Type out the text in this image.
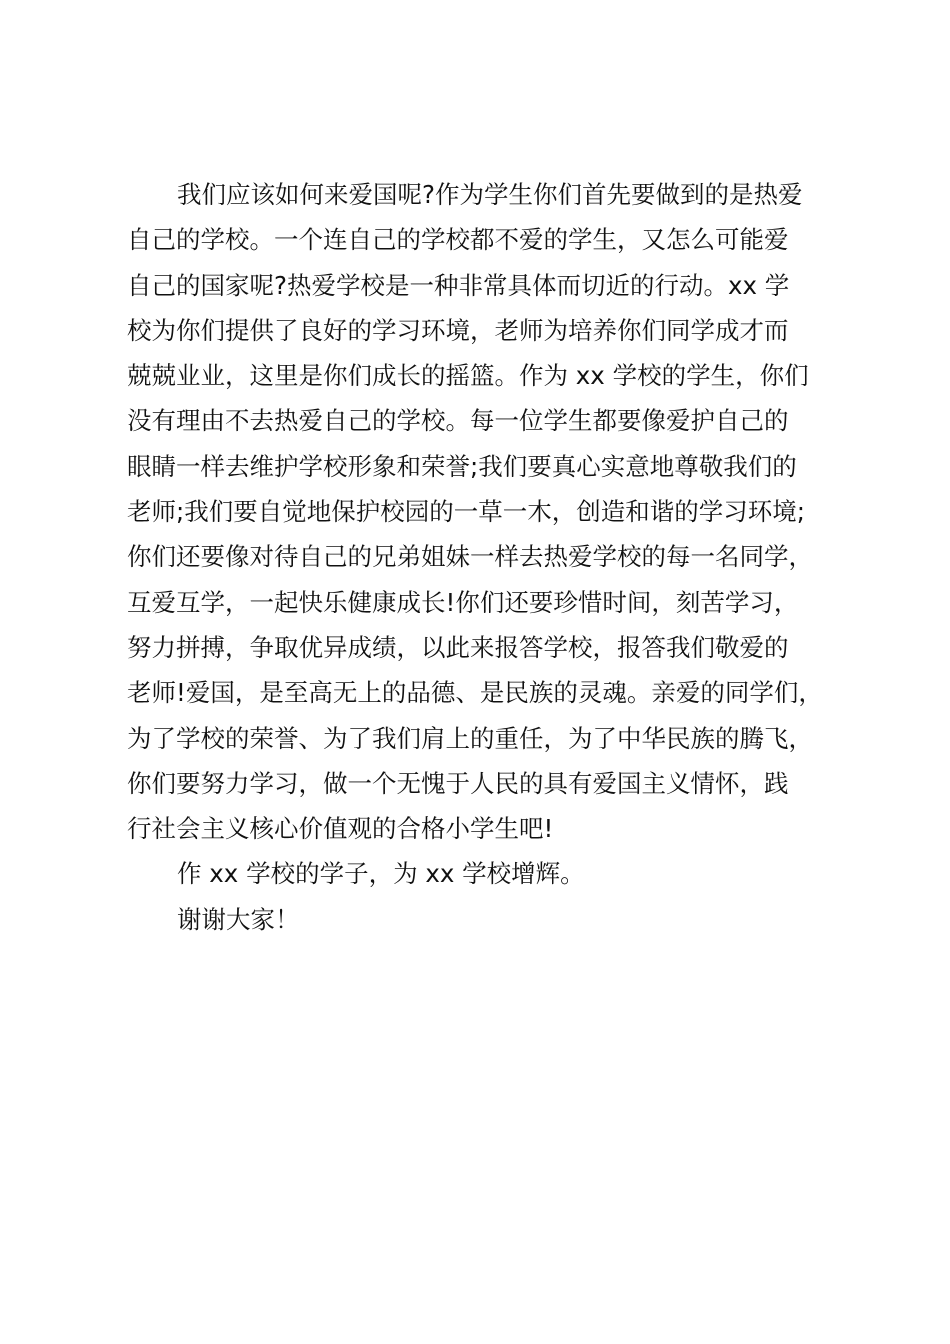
我们应该如何来爱国呢?作为学生你们首先要做到的是热爱
自己的学校。一个连自己的学校都不爱的学生，又怎么可能爱
自己的国家呢?热爱学校是一种非常具体而切近的行动。xx 学
校为你们提供了良好的学习环境，老师为培养你们同学成才而
兢兢业业，这里是你们成长的摇篮。作为 xx 学校的学生，你们
没有理由不去热爱自己的学校。每一位学生都要像爱护自己的
眼睛一样去维护学校形象和荣誉;我们要真心实意地尊敬我们的
老师;我们要自觉地保护校园的一草一木，创造和谐的学习环境;
你们还要像对待自己的兄弟姐妹一样去热爱学校的每一名同学，
互爱互学，一起快乐健康成长!你们还要珍惜时间，刻苦学习，
努力拼搏，争取优异成绩，以此来报答学校，报答我们敬爱的
老师!爱国，是至高无上的品德、是民族的灵魂。亲爱的同学们，
为了学校的荣誉、为了我们肩上的重任，为了中华民族的腾飞，
你们要努力学习，做一个无愧于人民的具有爱国主义情怀，践
行社会主义核心价值观的合格小学生吧!
作 xx 学校的学子，为 xx 学校增辉。
谢谢大家！
